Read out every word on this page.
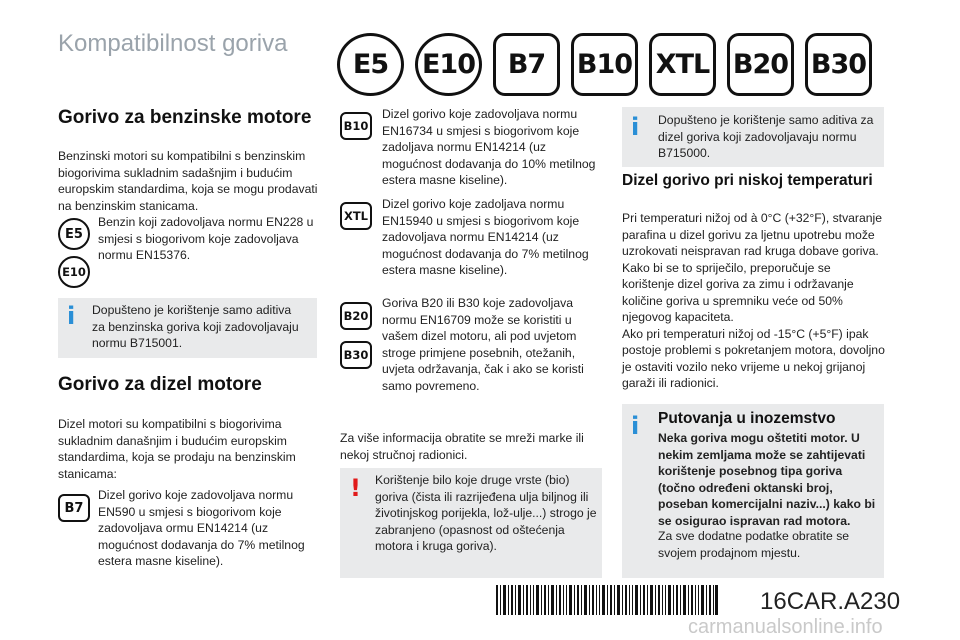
Kompatibilnost goriva
E5	E10	B7	B10 XTL B20 B30
Gorivo za benzinske motore
Benzinski motori su kompatibilni s benzinskim biogorivima sukladnim sadašnjim i budućim europskim standardima, koja se mogu prodavati na benzinskim stanicama.
E5
E10
Benzin koji zadovoljava normu EN228 u smjesi s biogorivom koje zadovoljava normu EN15376.
i Dopušteno je korištenje samo aditiva za benzinska goriva koji zadovoljavaju normu B715001.
Gorivo za dizel motore
Dizel motori su kompatibilni s biogorivima sukladnim današnjim i budućim europskim standardima, koja se prodaju na benzinskim stanicama:
B7
Dizel gorivo koje zadovoljava normu EN590 u smjesi s biogorivom koje zadovoljava ormu EN14214 (uz mogućnost dodavanja do 7% metilnog estera masne kiseline).
B10
Dizel gorivo koje zadovoljava normu EN16734 u smjesi s biogorivom koje zadoljava normu EN14214 (uz mogućnost dodavanja do 10% metilnog estera masne kiseline).
XTL
Dizel gorivo koje zadoljava normu EN15940 u smjesi s biogorivom koje zadovoljava normu EN14214 (uz mogućnost dodavanja do 7% metilnog estera masne kiseline).
B20
B30
Goriva B20 ili B30 koje zadovoljava normu EN16709 može se koristiti u vašem dizel motoru, ali pod uvjetom stroge primjene posebnih, otežanih, uvjeta održavanja, čak i ako se koristi samo povremeno.
Za više informacija obratite se mreži marke ili nekoj stručnoj radionici.
! Korištenje bilo koje druge vrste (bio) goriva (čista ili razrijeđena ulja biljnog ili životinjskog porijekla, lož-ulje...) strogo je zabranjeno (opasnost od oštećenja motora i kruga goriva).
i Dopušteno je korištenje samo aditiva za dizel goriva koji zadovoljavaju normu B715000.
Dizel gorivo pri niskoj temperaturi
Pri temperaturi nižoj od à 0°C (+32°F), stvaranje parafina u dizel gorivu za ljetnu upotrebu može uzrokovati neispravan rad kruga dobave goriva. Kako bi se to spriječilo, preporučuje se korištenje dizel goriva za zimu i održavanje količine goriva u spremniku veće od 50% njegovog kapaciteta.
Ako pri temperaturi nižoj od -15°C (+5°F) ipak postoje problemi s pokretanjem motora, dovoljno je ostaviti vozilo neko vrijeme u nekoj grijanoj garaži ili radionici.
i Putovanja u inozemstvo
Neka goriva mogu oštetiti motor. U nekim zemljama može se zahtijevati korištenje posebnog tipa goriva (točno određeni oktanski broj, poseban komercijalni naziv...) kako bi se osigurao ispravan rad motora.
Za sve dodatne podatke obratite se svojem prodajnom mjestu.
16CAR.A230
carmanualsonline.info
